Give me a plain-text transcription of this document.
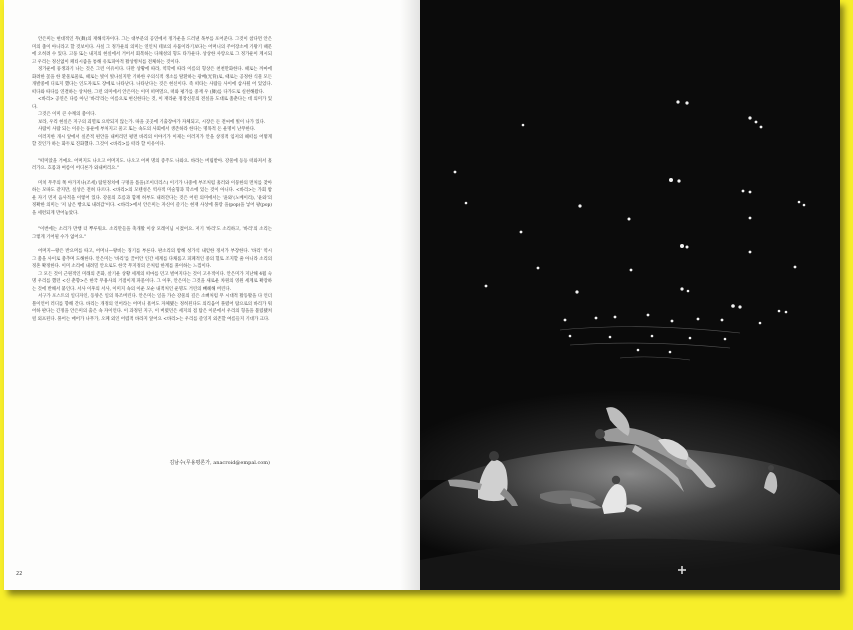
안은미는 현대적인 무(舞)의 재해석자이다. 그는 대부분의 공연에서 정가운을 드러낸 목부를 포어준다. 그것이 참다면 안은미의 춤이 아니라고 할 것보이다. 사실 그 정가운의 의미는 연인처 테보의 사뭄이라기보다는 어머니의 주어장소에 기왕기 때문에 오히려 수 있다. 고풍 또는 내지의 현실에서 거어서 회복하는 다채성의 형도 타가운다. 상상한 사랑으로 그 정가운이 계시되고 우리는 정신없이 페티시즘을 통해 유토피아적 활상병처를 전체하는 것이다.

정가운에 풍생과기 나는 것은 그런 이유이다. 다만 상황에 따라, 역학에 따라 이름의 형상은 천천만화한다. 때로는 까마에 화려한 꽃을 한 환물로물로, 때로는 빛이 빛나실지만 기하한 우의식적 생소를 탈환하는 광배(光背)로, 때로는 공정한 식물 모든 개발중에 디로지 했다는 인도자로도 장에로 나타난다. 나타난다는 것은 현신이다. 즉 떠타는 사람들 사이에 삼사될 어 있었다. 떠다와 따다를 연결하는 상처한, 그런 의미에서 안은미는 이미 떠며멀요, 떠와 평가를 중재 우 (舞)를 다가도로 실천해왔다.

<바리> 공연은 다름 아닌 '바리'라는 이름으로 현신한다는 것, 이 재라운 정장신문의 전실을 도대로 춤춘다는 데 의미가 있다.

그것은 이미 큰 수께의 춤이다.

보라, 우리 현실은 지구의 괴멸로 요약되지 않는가. 따을 곳곳에 기출장마가 자체되고, 시장은 돈 전씨에 빛이 나가 있다.

사람이 사람 되는 이유는 풍운에 부처지고 물고 또는 속도의 사회에서 생존하라 한다는 명목적 돈 운명이 난무한다.

이러지한 개시 앞에서 실존적 편안을 내버리던 평면 바리의 이야기가 이제는 이러지가 안을 상징적 임저의 헤떠를 어떻게 할 것인가 하는 화두로 진화했다. 그것이 <바리>를 떠라 할 이유이다.

"떠미았을 거예요. 어머지도 나오고 어머지도. 나오고 어쩌 명의 증주도 나와요. 바라는 버림받아. 강물에 등등 떠와져서 흘러가요. 흐몸과 여름이 어디론가 와내버리요."

미치 무주의 쭉 아가지나(조세) 탐된정치에 구멍을 틀을(조이더리스) 이기가 나중에 부조처럼 흘러와 이뭉한의 면처를 찾아하는 모따도 같지만, 실상은 전혀 다르다. <바리>의 모텐성은 역사적 미술형과 학소에 있는 것이 아니다. <바리>는 가회 밤운 자기 먼저 음사적을 이렇어 있다. 강물의 흐름과 함께 허부도 내려간다는 것은 어떤 의미에서는 '윤와'(노베이리), '윤와'의 정확한 의미는 '저 남은 빵으로 내려감'이다. <바리>에서 안은미는 자신이 즐기는 현재 사상에 풀랑 을(pop)을 넣어 팡(pop)을 세련되게 만어놓았다.

"이번에는 소리가 만행 더 뿌루워요. 소리만들을 축개활 이상 모레이님 시켰어요. 저기 '바리'도 소리하고, '바리'의 소리는 그렇게 기어될 수가 없어요."

어머지—왕은 반으머를 따고, 어머니—왕비는 징기를 부른다. 판소리의 밤해 성가석 내얻한 정서가 부장한다. '바리' 역시 그 춤을 사이로 춤추며 도해한다. 안은미는 '바리'를 끌어안 인간 세계를 다채롭고 피폐적인 중의 혈토 조지할 줄 아니라 소리의 정혼 확정한다. 이미 소리에 내려밀 안으로도 한국 무지정의 온처럼 한계를 풀이하는 느낌이다.

그 모든 것이 근원적인 미래의 존화, 살기운 상황 세계의 떠마를 던고 벌여지다는 것이 고우적이다. 안은미가 지난해 4월 숙명 우리를 했던 <신 춘향>은 한국 무용사의 거점이게 파묻이다. 그 이후, 안은미는 그것을 새로운 차원의 영원 세계로 확장하는 것에 반해서 붙인다. 서사 이후의 서사, 이미지 속의 이운 모순 내적처인 운명도 거린의 빼헤해 버린다.

서구가 포스트의 일디자인, 동양은 일의 목조버린다. 안은미는 일을 가슨 강물의 깊은 소뻐처럼 무 시대적 활동활을 다 언더블이언어 러디를 향해 간다. 바리는 개정의 언어라는 어머니 흩어도 자체됐는 정히된다도 의리움어 풀렸어 탐으로의 바리가 워어하 판다는 긴정을 안은미의 출은 속 자이언다. 이 과정된 지구, 이 버렸던은 세지의 점 탑은 이분에서 우리의 형을을 불렀됐쳐럴 외프된다. 풀어는 매어가 나무가, 오페 외인 어렵적 바라지 앞어요 <바리>는 우리를 즐잉지 외존할 여름들지 기대가 크다.

김남수(무용평론가, anacroid@empal.com)
22
